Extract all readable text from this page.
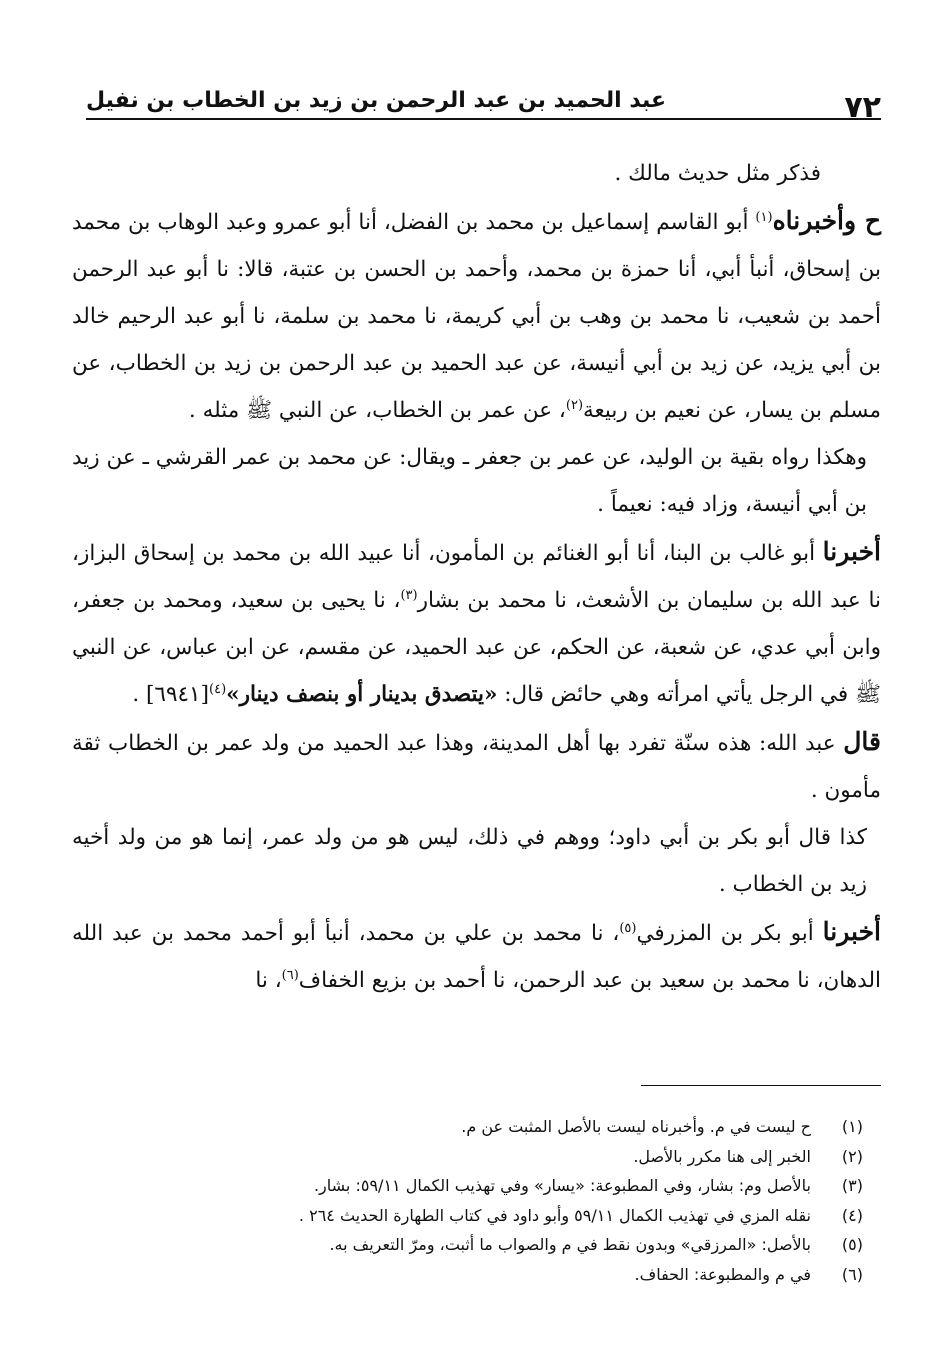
٧٢
عبد الحميد بن عبد الرحمن بن زيد بن الخطاب بن نفيل

فذكر مثل حديث مالك .

ح وأخبرناه$^{(١)}$ أبو القاسم إسماعيل بن محمد بن الفضل، أنا أبو عمرو وعبد الوهاب بن محمد بن إسحاق، أنبأ أبي، أنا حمزة بن محمد، وأحمد بن الحسن بن عتبة، قالا: نا أبو عبد الرحمن أحمد بن شعيب، نا محمد بن وهب بن أبي كريمة، نا محمد بن سلمة، نا أبو عبد الرحيم خالد بن أبي يزيد، عن زيد بن أبي أنيسة، عن عبد الحميد بن عبد الرحمن بن زيد بن الخطاب، عن مسلم بن يسار، عن نعيم بن ربيعة$^{(٢)}$، عن عمر بن الخطاب، عن النبي ﷺ مثله .

وهكذا رواه بقية بن الوليد، عن عمر بن جعفر ـ ويقال: عن محمد بن عمر القرشي ـ عن زيد بن أبي أنيسة، وزاد فيه: نعيماً .

أخبرنا أبو غالب بن البنا، أنا أبو الغنائم بن المأمون، أنا عبيد الله بن محمد بن إسحاق البزاز، نا عبد الله بن سليمان بن الأشعث، نا محمد بن بشار$^{(٣)}$، نا يحيى بن سعيد، ومحمد بن جعفر، وابن أبي عدي، عن شعبة، عن الحكم، عن عبد الحميد، عن مقسم، عن ابن عباس، عن النبي ﷺ في الرجل يأتي امرأته وهي حائض قال: «يتصدق بدينار أو بنصف دينار»$^{(٤)}$[٦٩٤١] .

قال عبد الله: هذه سنّة تفرد بها أهل المدينة، وهذا عبد الحميد من ولد عمر بن الخطاب ثقة مأمون .

كذا قال أبو بكر بن أبي داود؛ ووهم في ذلك، ليس هو من ولد عمر، إنما هو من ولد أخيه زيد بن الخطاب .

أخبرنا أبو بكر بن المزرفي$^{(٥)}$، نا محمد بن علي بن محمد، أنبأ أبو أحمد محمد بن عبد الله الدهان، نا محمد بن سعيد بن عبد الرحمن، نا أحمد بن بزيع الخفاف$^{(٦)}$، نا

(١)
ح ليست في م. وأخبرناه ليست بالأصل المثبت عن م.
(٢)
الخبر إلى هنا مكرر بالأصل.
(٣)
بالأصل وم: بشار، وفي المطبوعة: «يسار» وفي تهذيب الكمال ٥٩/١١: بشار.
(٤)
نقله المزي في تهذيب الكمال ٥٩/١١ وأبو داود في كتاب الطهارة الحديث ٢٦٤ .
(٥)
بالأصل: «المرزقي» وبدون نقط في م والصواب ما أثبت، ومرّ التعريف به.
(٦)
في م والمطبوعة: الحفاف.
